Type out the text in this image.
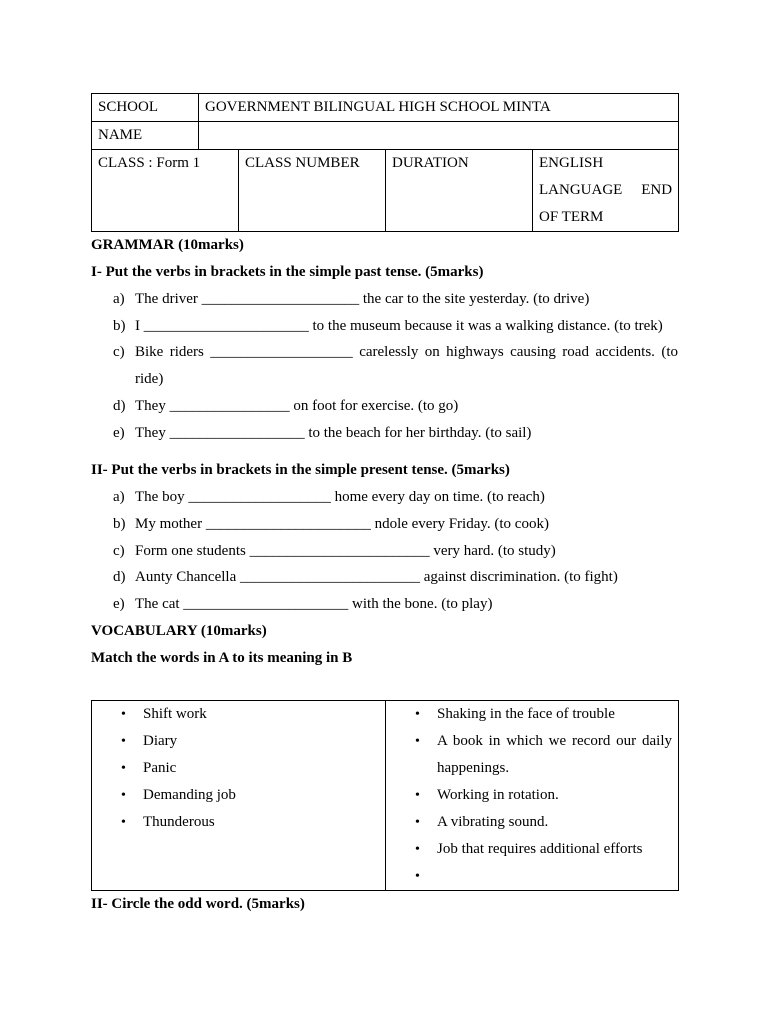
SCHOOL	GOVERNMENT BILINGUAL HIGH SCHOOL MINTA			
NAME				
CLASS : Form 1		CLASS NUMBER	DURATION	ENGLISH
LANGUAGE END
OF TERM

GRAMMAR (10marks)

I- Put the verbs in brackets in the simple past tense. (5marks)

a) The driver _____________________ the car to the site yesterday. (to drive)
b) I ______________________ to the museum because it was a walking distance. (to trek)
c) Bike riders ___________________ carelessly on highways causing road accidents. (to ride)
d) They ________________ on foot for exercise. (to go)
e) They __________________ to the beach for her birthday. (to sail)

II- Put the verbs in brackets in the simple present tense. (5marks)

a) The boy ___________________ home every day on time. (to reach)
b) My mother ______________________ ndole every Friday. (to cook)
c) Form one students ________________________ very hard. (to study)
d) Aunty Chancella ________________________ against discrimination. (to fight)
e) The cat ______________________ with the bone. (to play)

VOCABULARY (10marks)

Match the words in A to its meaning in B

• Shift work
• Diary
• Panic
• Demanding job
• Thunderous

• Shaking in the face of trouble
• A book in which we record our daily happenings.
• Working in rotation.
• A vibrating sound.
• Job that requires additional efforts
•

II- Circle the odd word. (5marks)
